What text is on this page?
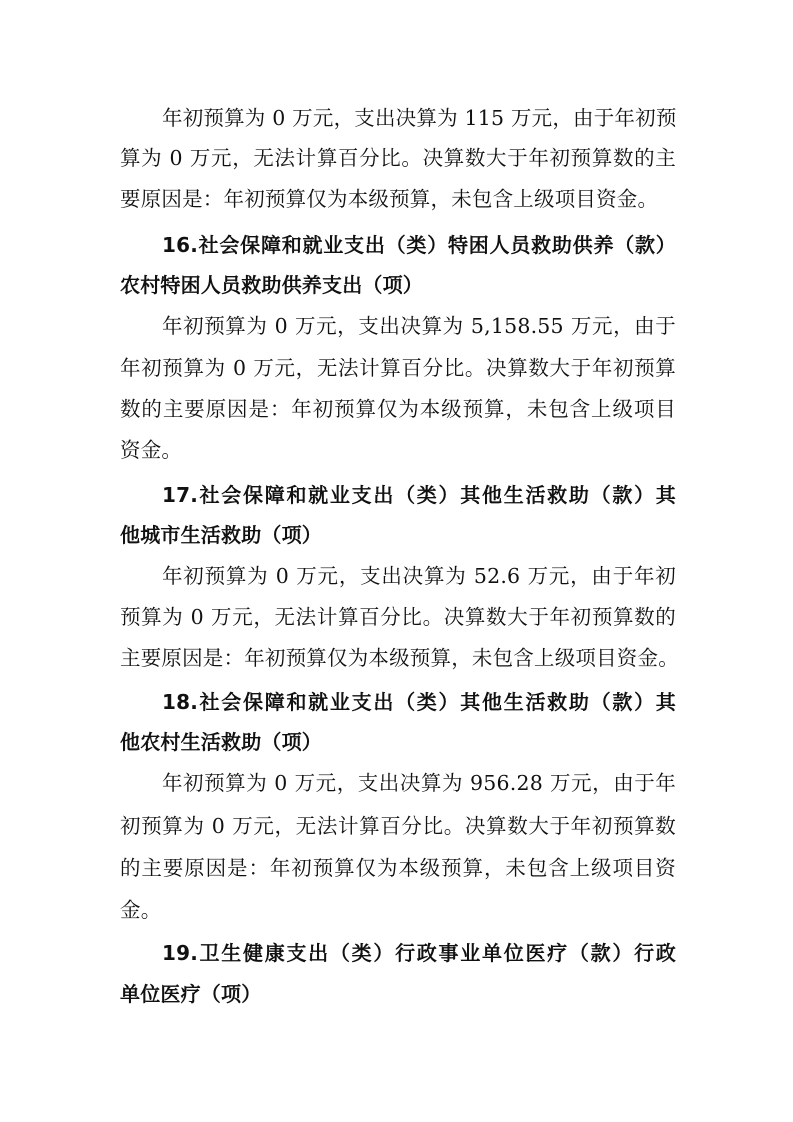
年初预算为 0 万元，支出决算为 115 万元，由于年初预
算为 0 万元，无法计算百分比。决算数大于年初预算数的主
要原因是：年初预算仅为本级预算，未包含上级项目资金。
16.社会保障和就业支出（类）特困人员救助供养（款）
农村特困人员救助供养支出（项）
年初预算为 0 万元，支出决算为 5,158.55 万元，由于
年初预算为 0 万元，无法计算百分比。决算数大于年初预算
数的主要原因是：年初预算仅为本级预算，未包含上级项目
资金。
17.社会保障和就业支出（类）其他生活救助（款）其
他城市生活救助（项）
年初预算为 0 万元，支出决算为 52.6 万元，由于年初
预算为 0 万元，无法计算百分比。决算数大于年初预算数的
主要原因是：年初预算仅为本级预算，未包含上级项目资金。
18.社会保障和就业支出（类）其他生活救助（款）其
他农村生活救助（项）
年初预算为 0 万元，支出决算为 956.28 万元，由于年
初预算为 0 万元，无法计算百分比。决算数大于年初预算数
的主要原因是：年初预算仅为本级预算，未包含上级项目资
金。
19.卫生健康支出（类）行政事业单位医疗（款）行政
单位医疗（项）
